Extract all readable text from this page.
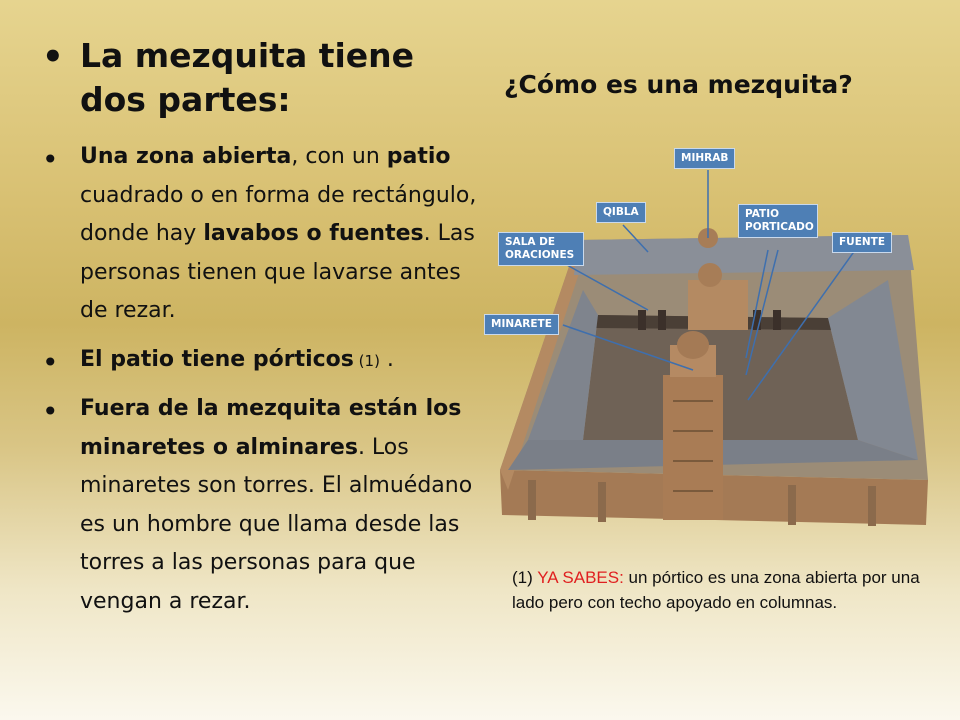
• La mezquita tiene dos partes:
• Una zona abierta, con un patio cuadrado o en forma de rectángulo, donde hay lavabos o fuentes. Las personas tienen que lavarse antes de rezar.
• El patio tiene pórticos (1) .
• Fuera de la mezquita están los minaretes o alminares. Los minaretes son torres. El almuédano es un hombre que llama desde las torres a las personas para que vengan a rezar.
¿Cómo es una mezquita?
MIHRAB
QIBLA	PATIO PORTICADO
SALA DE ORACIONES
FUENTE
MINARETE
(1) YA SABES: un pórtico es una zona abierta por una lado pero con techo apoyado en columnas.
